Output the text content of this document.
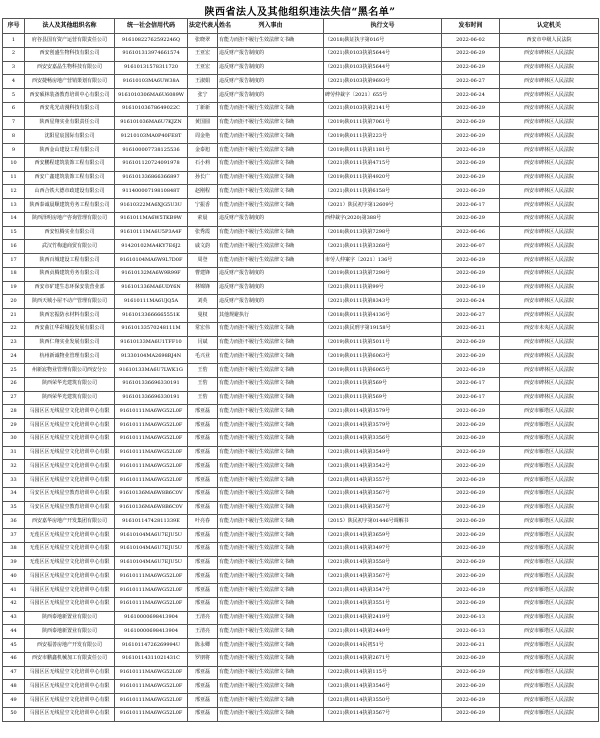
陕西省法人及其他组织违法失信“黑名单”
序号	法人及其他组织名称	统一社会信用代码	法定代表人姓名	列入事由	执行文号	发布时间	认定机关
1	府谷县国有资产运营有限责任公司	91610822762592246Q	张晓翠	有能力而拒不履行生效法律文书确	（2018)陕证执字第016号	2022-06-02	西安市中级人民法院
2	西安创盛生物科技有限公司	916101313974661574	王亚宏	违反财产报告制度的	（2021)陕0103执第5644号	2022-06-29	西安市碑林区人民法院
3	西安安嘉晶生物科技有限公司	91610131578311720	王亚宏	违反财产报告制度的	（2021)陕0103执第5644号	2022-06-29	西安市碑林区人民法院
4	西安捷畅房地产营销策划有限公司	91610103MA6UW38A	王淑娟	违反财产报告制度的	（2021)陕0103执第9693号	2022-06-27	西安市碑林区人民法院
5	西安硕林装备教育培训中心有限公司	9161010306MA6U6089W	张宁	违反财产报告制度的	碑劳仲裁字〔2021〕655号	2022-06-24	西安市碑林区人民法院
6	西安兆光动漫科技有限公司	91610103678649022C	丁新新	有能力而拒不履行生效法律文书确	（2021)陕0103执第2141号	2022-06-29	西安市碑林区人民法院
7	陕西星翔实业有限责任公司	916101036MA6U7KJZN	黄国圆	有能力而拒不履行生效法律文书确	（2019)陕0111执第7061号	2022-06-29	西安市碑林区人民法院
8	沈阳星宸国际有限公司	91210103MA0P40FE8T	周金艳	有能力而拒不履行生效法律文书确	（2019)陕0111执第223号	2022-06-29	西安市碑林区人民法院
9	陕西金山建设工程有限公司	916100007738125536	金泰旭	有能力而拒不履行生效法律文书确	（2019)陕0111执第1181号	2022-06-29	西安市碑林区人民法院
10	西安鹏程建筑装饰工程有限公司	916101120724091978	石小莉	有能力而拒不履行生效法律文书确	（2021)陕0111执第4715号	2022-06-29	西安市碑林区人民法院
11	西安广鑫建筑装饰工程有限公司	916101336866366897	孙长广	有能力而拒不履行生效法律文书确	（2019)陕0111执第4920号	2022-06-29	西安市碑林区人民法院
12	山西合铁大德市政建设有限公司	91140000719810848T	赵刚程	有能力而拒不履行生效法律文书确	（2021)陕0111执第6158号	2022-06-29	西安市碑林区人民法院
13	陕西泰诚晨顺建筑劳务工程有限公司	91610322MA6XJG5U3U	宁振香	有能力而拒不履行生效法律文书确	（2021）陕民初字第12609号	2022-06-17	西安市碑林区人民法院
14	陕西泽明房地产咨询管理有限公司	9161011MA6W5TKB9W	索晨	违反财产报告制度的	西仲裁字(2020)第388号	2022-06-29	西安市碑林区人民法院
15	西安恒腾实业有限公司	91610111MA6U5P3A4F	张秀霞	有能力而拒不履行生效法律文书确	（2018)陕0113执第7298号	2022-06-06	西安市碑林区人民法院
16	武汉竹梅道商贸有限公司	91420102MA4KY7E6J2	戚文韵	有能力而拒不履行生效法律文书确	（2021)陕0111执第3268号	2022-06-07	西安市碑林区人民法院
17	陕西百城建设工程有限公司	91610104MA6W9L7D0F	周登	有能力而拒不履行生效法律文书确	市劳人仲案字〔2021〕136号	2022-06-29	西安市碑林区人民法院
18	陕西贞腾建筑劳务有限公司	91610132MA6W9R99F	曹建锋	违反财产报告制度的	（2019)陕0113执第7298号	2022-06-29	西安市碑林区人民法院
19	西安市矿建生态环保安装营业部	916101336MA6UDY6N	林锦锋	违反财产报告制度的	（2021)陕0111执第99号	2022-06-19	西安市碑林区人民法院
20	陕西天城小屋不动产管理有限公司	91610111MA6UJQ5A	刘英	违反财产报告制度的	（2021)陕0111执第8343号	2022-06-24	西安市碑林区人民法院
21	陕西宏振防水材料有限公司	91610133666665551K	曼权	其他规避执行	（2018)陕0111执第4136号	2022-06-27	西安市碑林区人民法院
22	西安曲江华彩城投发展有限公司	91610133570248111M	常宏伟	有能力而拒不履行生效法律文书确	（2021)陕民刑字第19158号	2022-06-21	西安市未央区人民法院
23	陕西仁翔实业发展有限公司	91610133MA6U1TFF10	闫斌	有能力而拒不履行生效法律文书确	（2019)陕0111执第5011号	2022-06-29	西安市碑林区人民法院
24	杭州新诚物业管理有限公司	91330104MA2698RJ4N	毛兴业	有能力而拒不履行生效法律文书确	（2019)陕0111执第6063号	2022-06-29	西安市碑林区人民法院
25	州新宸物业管理有限公司西安分公	91610133MA6U7LWK1G	王豹	有能力而拒不履行生效法律文书确	（2019)陕0111执第6065号	2022-06-29	西安市碑林区人民法院
26	陕西荣华光建筑有限公司	916101336696330191	王豹	有能力而拒不履行生效法律文书确	（2021)陕0111执第569号	2022-06-17	西安市碑林区人民法院
27	陕西荣华光建筑有限公司	916101336696330191	王豹	有能力而拒不履行生效法律文书确	（2021)陕0111执第569号	2022-06-17	西安市碑林区人民法院
28	马园区区无线星空文化培训中心有限	91610111MA6WG52L0F	邢亚磊	有能力而拒不履行生效法律文书确	（2021)陕0114执第3579号	2022-06-29	西安市雁塔区人民法院
29	马园区区无线星空文化培训中心有限	91610111MA6WG52L0F	邢亚磊	有能力而拒不履行生效法律文书确	（2021)陕0114执第3579号	2022-06-29	西安市雁塔区人民法院
30	马园区区无线星空文化培训中心有限	91610111MA6WG52L0F	邢亚磊	有能力而拒不履行生效法律文书确	（2021)陕0114执第3356号	2022-06-29	西安市雁塔区人民法院
31	马园区区无线星空文化培训中心有限	91610111MA6WG52L0F	邢亚磊	有能力而拒不履行生效法律文书确	（2021)陕0114执第3549号	2022-06-29	西安市雁塔区人民法院
32	马园区区无线星空文化培训中心有限	91610111MA6WG52L0F	邢亚磊	有能力而拒不履行生效法律文书确	（2021)陕0114执第3542号	2022-06-29	西安市雁塔区人民法院
33	马园区区无线星空文化培训中心有限	91610111MA6WG52L0F	邢亚磊	有能力而拒不履行生效法律文书确	（2021)陕0114执第3557号	2022-06-29	西安市雁塔区人民法院
34	马安区区无线星空教育培训中心有限	91610136MA6W8B6C0V	邢亚磊	有能力而拒不履行生效法律文书确	（2021)陕0114执第3567号	2022-06-29	西安市雁塔区人民法院
35	马安区区无线星空教育培训中心有限	91610136MA6W8B6C0V	邢亚磊	有能力而拒不履行生效法律文书确	（2021)陕0114执第3567号	2022-06-29	西安市雁塔区人民法院
36	西安嘉华房地产开发集团有限公司	91610114742811339E	叶亮春	有能力而拒不履行生效法律文书确	（2015）陕民初字第01446号调解书	2022-06-29	西安市雁塔区人民法院
37	无莲区区无线星空文化培训中心有限	91610104MA6U7EJU5U	邢亚磊	有能力而拒不履行生效法律文书确	（2021)陕0114执第3659号	2022-06-29	西安市雁塔区人民法院
38	无莲区区无线星空文化培训中心有限	91610104MA6U7EJU5U	邢亚磊	有能力而拒不履行生效法律文书确	（2021)陕0114执第3497号	2022-06-29	西安市雁塔区人民法院
39	无莲区区无线星空文化培训中心有限	91610104MA6U7EJU5U	邢亚磊	有能力而拒不履行生效法律文书确	（2021)陕0114执第3558号	2022-06-29	西安市雁塔区人民法院
40	马园区区无线星空文化培训中心有限	91610111MA6WG52L0F	邢亚磊	有能力而拒不履行生效法律文书确	（2021)陕0114执第3567号	2022-06-29	西安市雁塔区人民法院
41	马园区区无线星空文化培训中心有限	91610111MA6WG52L0F	邢亚磊	有能力而拒不履行生效法律文书确	（2021)陕0114执第3547号	2022-06-29	西安市雁塔区人民法院
42	马园区区无线星空文化培训中心有限	91610111MA6WG52L0F	邢亚磊	有能力而拒不履行生效法律文书确	（2021)陕0114执第3551号	2022-06-29	西安市雁塔区人民法院
43	陕西泰地新置业有限公司	91610000698413904	王清亮	有能力而拒不履行生效法律文书确	（2021)陕0114执第2419号	2022-06-13	西安市雁塔区人民法院
44	陕西泰地新置业有限公司	91610000698413904	王清亮	有能力而拒不履行生效法律文书确	（2021)陕0114执第2449号	2022-06-13	西安市雁塔区人民法院
45	西安福善房地产开发有限公司	91610114726269994U	陈永卿	有能力而拒不履行生效法律文书确	（2020)陕0114民初51号	2022-06-21	西安市雁塔区人民法院
46	西安市鹏鑫机械加工有限责任公司	91610114311021431C	罗朋将	有能力而拒不履行生效法律文书确	（2021)陕0114执第2671号	2022-06-29	西安市雁塔区人民法院
47	马园区区无线星空文化培训中心有限	91610111MA6WG52L0F	邢亚磊	有能力而拒不履行生效法律文书确	（2022)陕0114执第115号	2022-06-29	西安市雁塔区人民法院
48	马园区区无线星空文化培训中心有限	91610111MA6WG52L0F	邢亚磊	有能力而拒不履行生效法律文书确	（2021)陕0114执第3546号	2022-06-29	西安市雁塔区人民法院
49	马园区区无线星空文化培训中心有限	91610111MA6WG52L0F	邢亚磊	有能力而拒不履行生效法律文书确	（2021)陕0114执第3550号	2022-06-29	西安市雁塔区人民法院
50	马园区区无线星空文化培训中心有限	91610111MA6WG52L0F	邢亚磊	有能力而拒不履行生效法律文书确	（2021)陕0114执第3567号	2022-06-29	西安市雁塔区人民法院
